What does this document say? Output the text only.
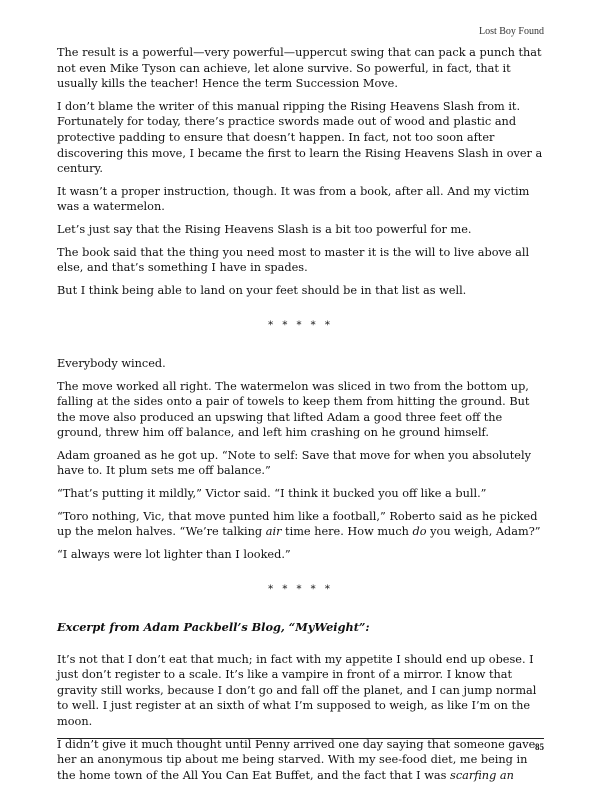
Lost Boy Found

The result is a powerful—very powerful—uppercut swing that can pack a punch that not even Mike Tyson can achieve, let alone survive. So powerful, in fact, that it usually kills the teacher! Hence the term Succession Move.

I don’t blame the writer of this manual ripping the Rising Heavens Slash from it. Fortunately for today, there’s practice swords made out of wood and plastic and protective padding to ensure that doesn’t happen. In fact, not too soon after discovering this move, I became the first to learn the Rising Heavens Slash in over a century.

It wasn’t a proper instruction, though. It was from a book, after all. And my victim was a watermelon.

Let’s just say that the Rising Heavens Slash is a bit too powerful for me.

The book said that the thing you need most to master it is the will to live above all else, and that’s something I have in spades.

But I think being able to land on your feet should be in that list as well.

* * * * *

Everybody winced.

The move worked all right. The watermelon was sliced in two from the bottom up, falling at the sides onto a pair of towels to keep them from hitting the ground. But the move also produced an upswing that lifted Adam a good three feet off the ground, threw him off balance, and left him crashing on he ground himself.

Adam groaned as he got up. “Note to self: Save that move for when you absolutely have to. It plum sets me off balance.”

“That’s putting it mildly,” Victor said. “I think it bucked you off like a bull.”

“Toro nothing, Vic, that move punted him like a football,” Roberto said as he picked up the melon halves. “We’re talking air time here. How much do you weigh, Adam?”

“I always were lot lighter than I looked.”

* * * * *

Excerpt from Adam Packbell’s Blog, “MyWeight”:

It’s not that I don’t eat that much; in fact with my appetite I should end up obese. I just don’t register to a scale. It’s like a vampire in front of a mirror. I know that gravity still works, because I don’t go and fall off the planet, and I can jump normal to well. I just register at an sixth of what I’m supposed to weigh, as like I’m on the moon.

I didn’t give it much thought until Penny arrived one day saying that someone gave her an anonymous tip about me being starved. With my see-food diet, me being in the home town of the All You Can Eat Buffet, and the fact that I was scarfing an

85
